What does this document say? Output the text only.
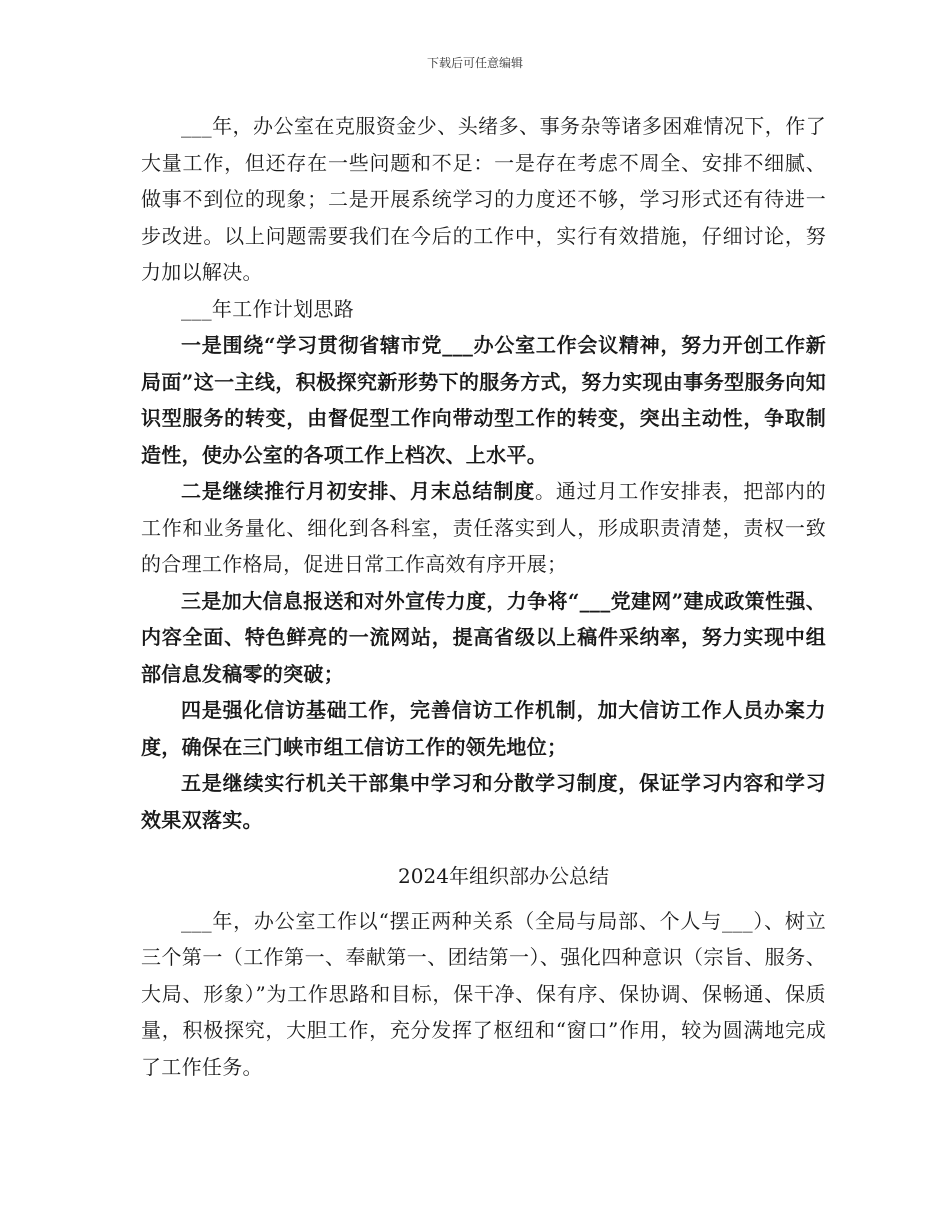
下载后可任意编辑

___年，办公室在克服资金少、头绪多、事务杂等诸多困难情况下，作了大量工作，但还存在一些问题和不足：一是存在考虑不周全、安排不细腻、做事不到位的现象；二是开展系统学习的力度还不够，学习形式还有待进一步改进。以上问题需要我们在今后的工作中，实行有效措施，仔细讨论，努力加以解决。

___年工作计划思路

一是围绕“学习贯彻省辖市党___办公室工作会议精神，努力开创工作新局面”这一主线，积极探究新形势下的服务方式，努力实现由事务型服务向知识型服务的转变，由督促型工作向带动型工作的转变，突出主动性，争取制造性，使办公室的各项工作上档次、上水平。

二是继续推行月初安排、月末总结制度。通过月工作安排表，把部内的工作和业务量化、细化到各科室，责任落实到人，形成职责清楚，责权一致的合理工作格局，促进日常工作高效有序开展；

三是加大信息报送和对外宣传力度，力争将“___党建网”建成政策性强、内容全面、特色鲜亮的一流网站，提高省级以上稿件采纳率，努力实现中组部信息发稿零的突破；

四是强化信访基础工作，完善信访工作机制，加大信访工作人员办案力度，确保在三门峡市组工信访工作的领先地位；

五是继续实行机关干部集中学习和分散学习制度，保证学习内容和学习效果双落实。

2024年组织部办公总结

___年，办公室工作以“摆正两种关系（全局与局部、个人与___）、树立三个第一（工作第一、奉献第一、团结第一）、强化四种意识（宗旨、服务、大局、形象）”为工作思路和目标，保干净、保有序、保协调、保畅通、保质量，积极探究，大胆工作，充分发挥了枢纽和“窗口”作用，较为圆满地完成了工作任务。
